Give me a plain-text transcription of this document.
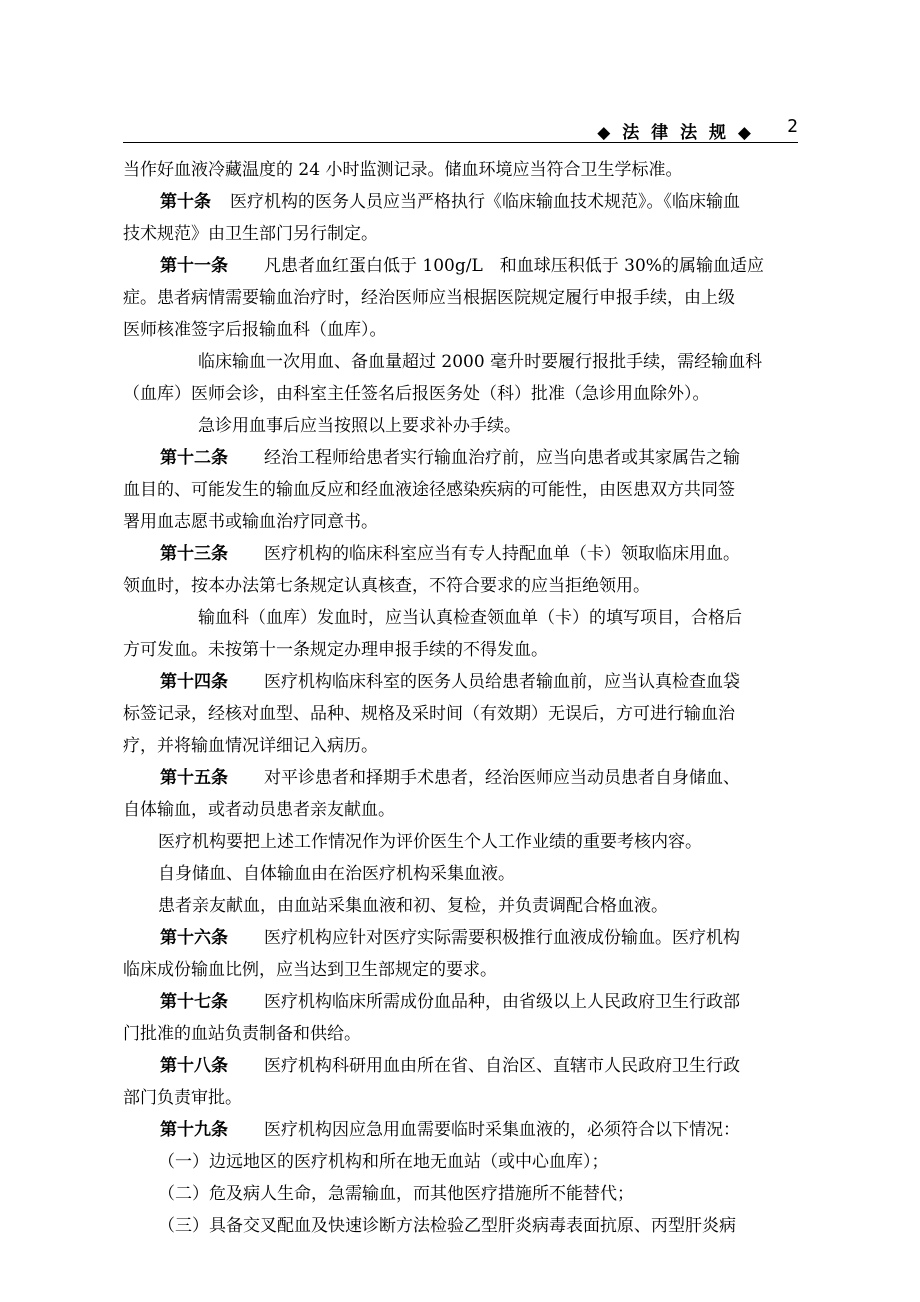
◆ 法 律 法 规 ◆ 2
当作好血液冷藏温度的 24 小时监测记录。储血环境应当符合卫生学标准。
第十条 医疗机构的医务人员应当严格执行《临床输血技术规范》。《临床输血
技术规范》由卫生部门另行制定。
第十一条 凡患者血红蛋白低于 100g/L　和血球压积低于 30%的属输血适应
症。患者病情需要输血治疗时，经治医师应当根据医院规定履行申报手续，由上级
医师核准签字后报输血科（血库）。
临床输血一次用血、备血量超过 2000 毫升时要履行报批手续，需经输血科
（血库）医师会诊，由科室主任签名后报医务处（科）批准（急诊用血除外）。
急诊用血事后应当按照以上要求补办手续。
第十二条 经治工程师给患者实行输血治疗前，应当向患者或其家属告之输
血目的、可能发生的输血反应和经血液途径感染疾病的可能性，由医患双方共同签
署用血志愿书或输血治疗同意书。
第十三条 医疗机构的临床科室应当有专人持配血单（卡）领取临床用血。
领血时，按本办法第七条规定认真核查，不符合要求的应当拒绝领用。
输血科（血库）发血时，应当认真检查领血单（卡）的填写项目，合格后
方可发血。未按第十一条规定办理申报手续的不得发血。
第十四条 医疗机构临床科室的医务人员给患者输血前，应当认真检查血袋
标签记录，经核对血型、品种、规格及采时间（有效期）无误后，方可进行输血治
疗，并将输血情况详细记入病历。
第十五条 对平诊患者和择期手术患者，经治医师应当动员患者自身储血、
自体输血，或者动员患者亲友献血。
医疗机构要把上述工作情况作为评价医生个人工作业绩的重要考核内容。
自身储血、自体输血由在治医疗机构采集血液。
患者亲友献血，由血站采集血液和初、复检，并负责调配合格血液。
第十六条 医疗机构应针对医疗实际需要积极推行血液成份输血。医疗机构
临床成份输血比例，应当达到卫生部规定的要求。
第十七条 医疗机构临床所需成份血品种，由省级以上人民政府卫生行政部
门批准的血站负责制备和供给。
第十八条 医疗机构科研用血由所在省、自治区、直辖市人民政府卫生行政
部门负责审批。
第十九条 医疗机构因应急用血需要临时采集血液的，必须符合以下情况：
（一）边远地区的医疗机构和所在地无血站（或中心血库）；
（二）危及病人生命，急需输血，而其他医疗措施所不能替代；
（三）具备交叉配血及快速诊断方法检验乙型肝炎病毒表面抗原、丙型肝炎病
